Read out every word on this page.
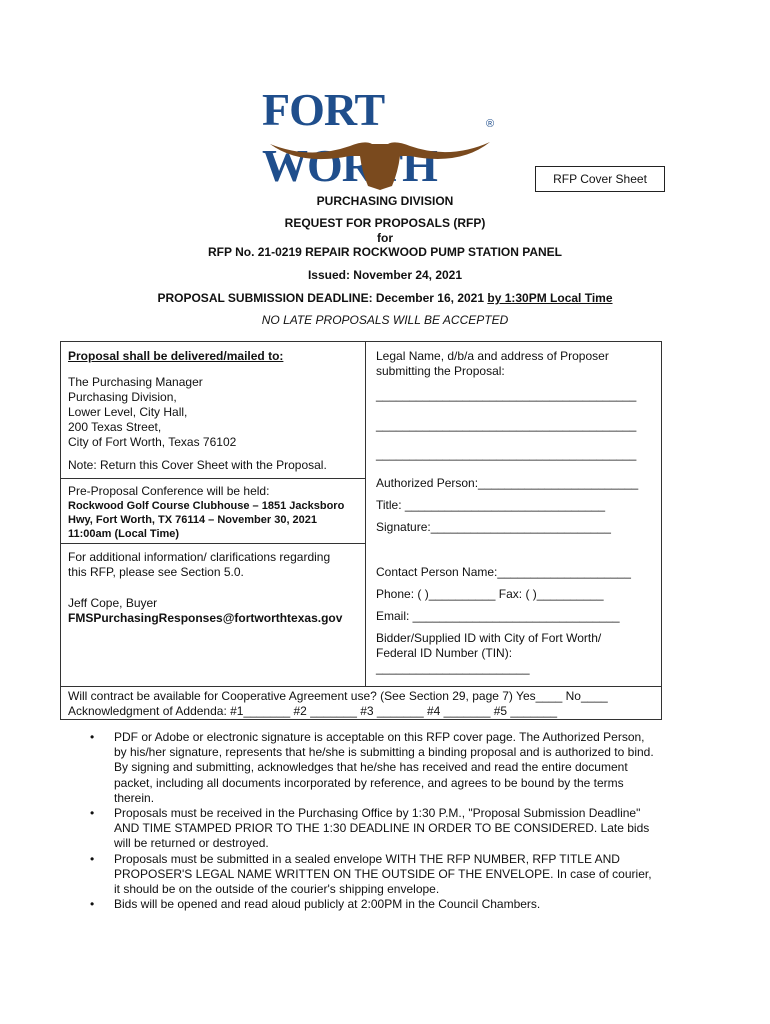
FORT WORTH
®
RFP Cover Sheet
PURCHASING DIVISION
REQUEST FOR PROPOSALS (RFP)
for
RFP No. 21-0219 REPAIR ROCKWOOD PUMP STATION PANEL
Issued: November 24, 2021
PROPOSAL SUBMISSION DEADLINE: December 16, 2021 by 1:30PM Local Time
NO LATE PROPOSALS WILL BE ACCEPTED
Proposal shall be delivered/mailed to:
The Purchasing Manager
Purchasing Division,
Lower Level, City Hall,
200 Texas Street,
City of Fort Worth, Texas 76102
Note: Return this Cover Sheet with the Proposal.
Pre-Proposal Conference will be held:
Rockwood Golf Course Clubhouse – 1851 Jacksboro
Hwy, Fort Worth, TX 76114 – November 30, 2021
11:00am (Local Time)
For additional information/ clarifications regarding
this RFP, please see Section 5.0.
Jeff Cope, Buyer
FMSPurchasingResponses@fortworthtexas.gov
Legal Name, d/b/a and address of Proposer
submitting the Proposal:
_______________________________________
_______________________________________
_______________________________________
Authorized Person:________________________
Title: ______________________________
Signature:___________________________
Contact Person Name:____________________
Phone: ( )__________ Fax: ( )__________
Email: _______________________________
Bidder/Supplied ID with City of Fort Worth/
Federal ID Number (TIN):
_______________________
Will contract be available for Cooperative Agreement use? (See Section 29, page 7) Yes____ No____
Acknowledgment of Addenda: #1_______ #2 _______ #3 _______ #4 _______ #5 _______
• PDF or Adobe or electronic signature is acceptable on this RFP cover page. The Authorized Person, by his/her signature, represents that he/she is submitting a binding proposal and is authorized to bind. By signing and submitting, acknowledges that he/she has received and read the entire document packet, including all documents incorporated by reference, and agrees to be bound by the terms therein.
• Proposals must be received in the Purchasing Office by 1:30 P.M., "Proposal Submission Deadline" AND TIME STAMPED PRIOR TO THE 1:30 DEADLINE IN ORDER TO BE CONSIDERED. Late bids will be returned or destroyed.
• Proposals must be submitted in a sealed envelope WITH THE RFP NUMBER, RFP TITLE AND PROPOSER'S LEGAL NAME WRITTEN ON THE OUTSIDE OF THE ENVELOPE. In case of courier, it should be on the outside of the courier's shipping envelope.
• Bids will be opened and read aloud publicly at 2:00PM in the Council Chambers.
